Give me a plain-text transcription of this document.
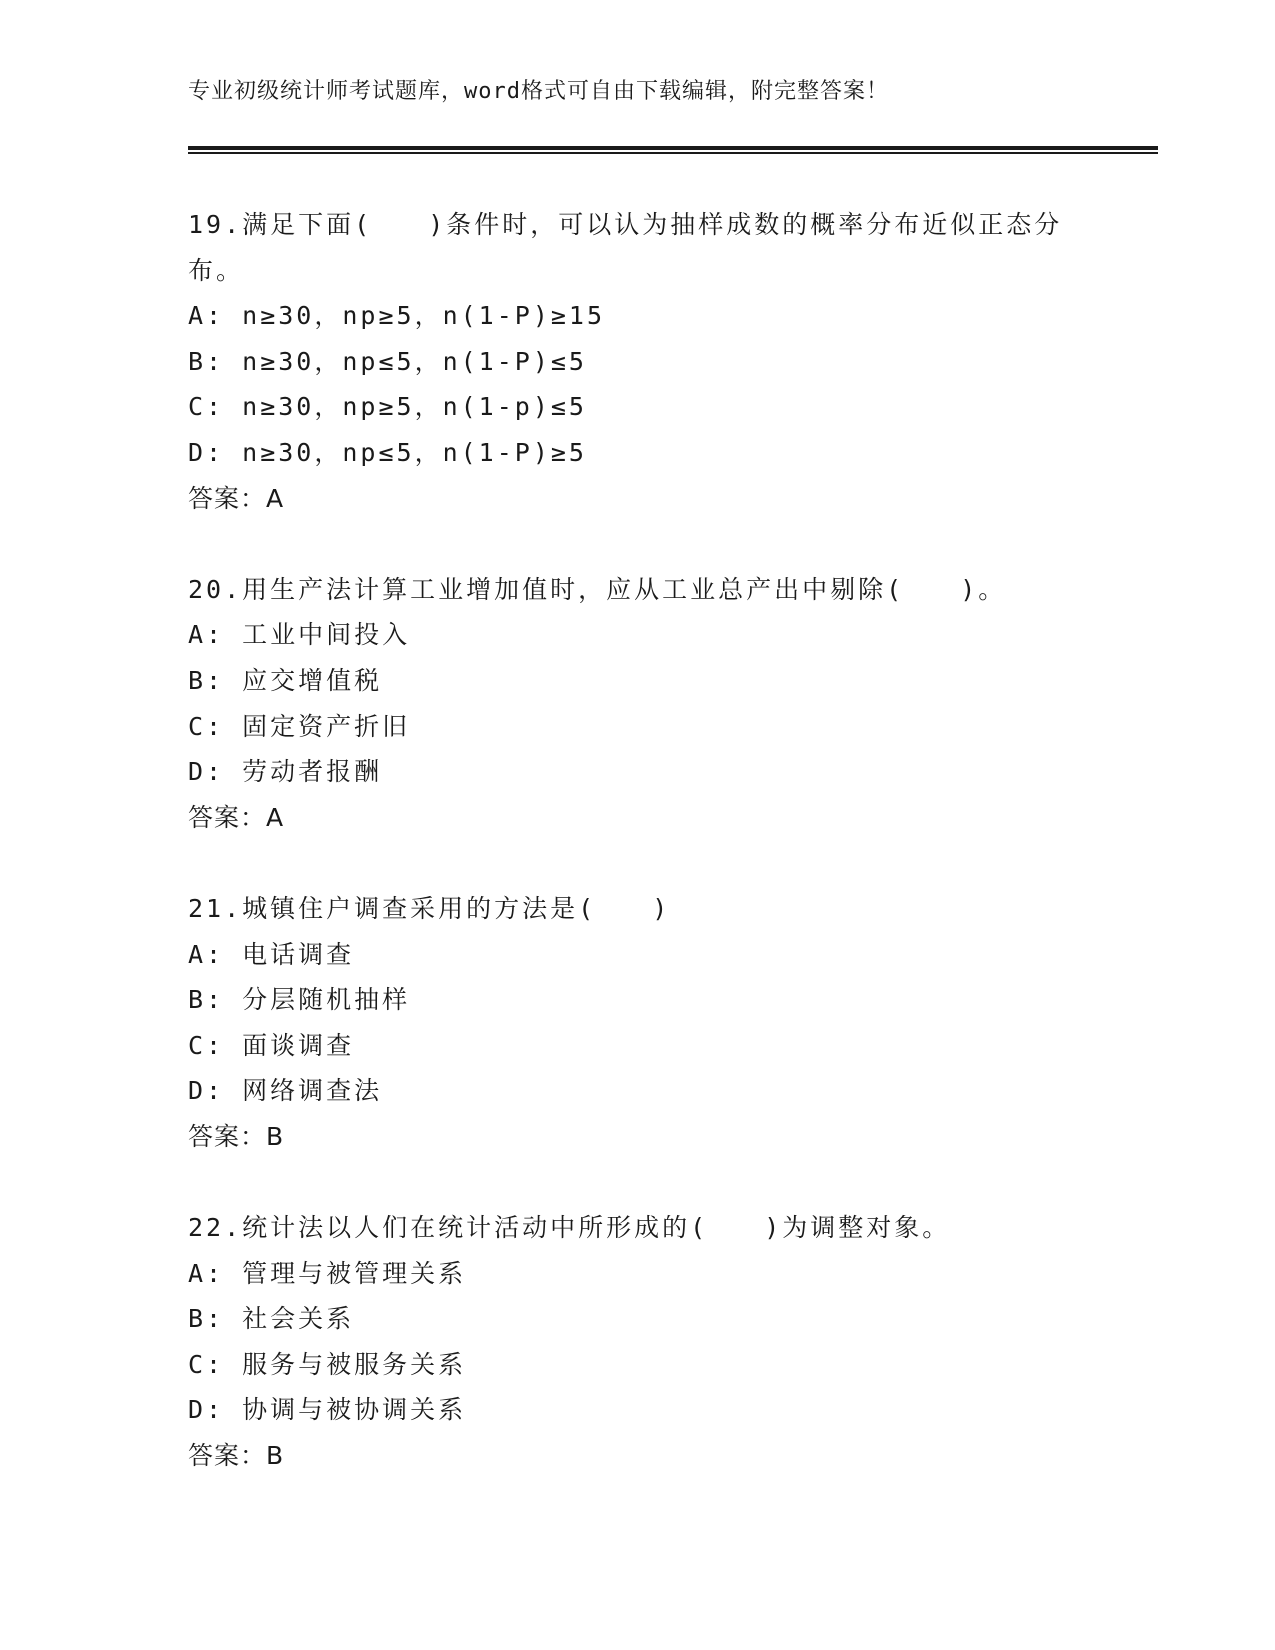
专业初级统计师考试题库，word格式可自由下载编辑，附完整答案！
19.满足下面(　　)条件时，可以认为抽样成数的概率分布近似正态分布。
A: n≥30，np≥5，n(1-P)≥15
B: n≥30，np≤5，n(1-P)≤5
C: n≥30，np≥5，n(1-p)≤5
D: n≥30，np≤5，n(1-P)≥5
答案：A
20.用生产法计算工业增加值时，应从工业总产出中剔除(　　)。
A: 工业中间投入
B: 应交增值税
C: 固定资产折旧
D: 劳动者报酬
答案：A
21.城镇住户调查采用的方法是(　　)
A: 电话调查
B: 分层随机抽样
C: 面谈调查
D: 网络调查法
答案：B
22.统计法以人们在统计活动中所形成的(　　)为调整对象。
A: 管理与被管理关系
B: 社会关系
C: 服务与被服务关系
D: 协调与被协调关系
答案：B
